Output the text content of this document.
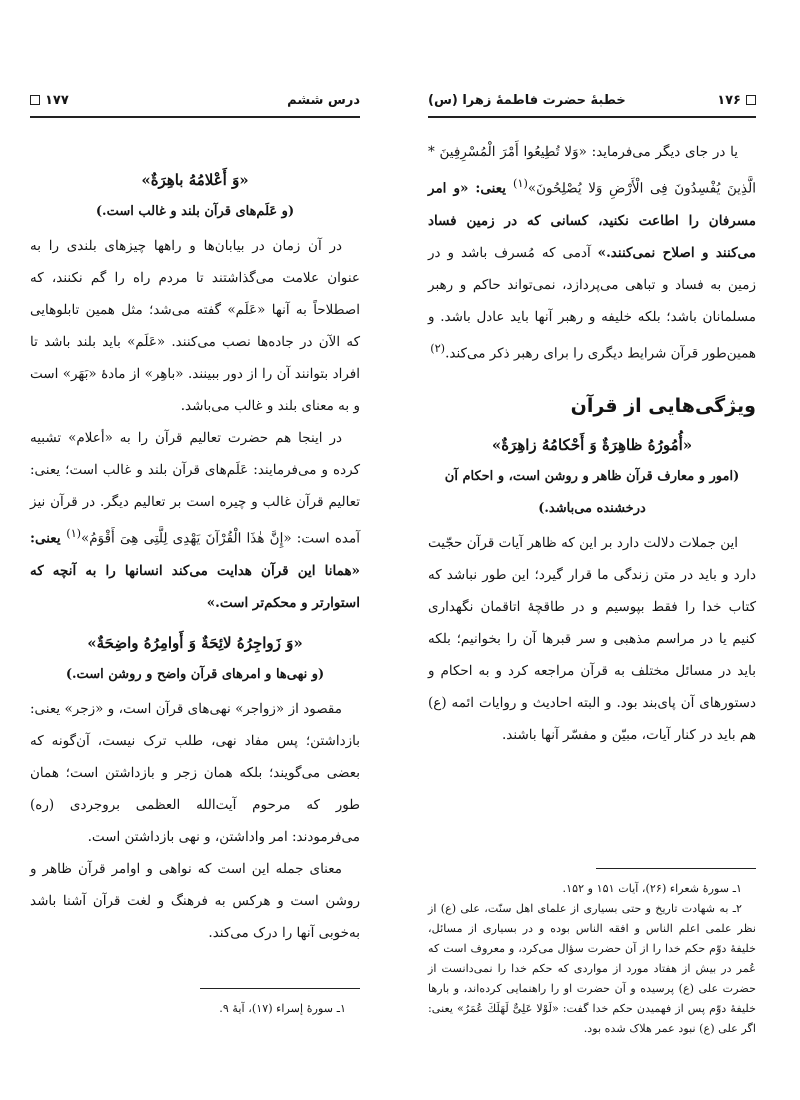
درس ششم
۱۷۷

«وَ أَعْلامُهُ باهِرَةٌ»

(و عَلَم‌های قرآن بلند و غالب است.)

در آن زمان در بیابان‌ها و راهها چیزهای بلندی را به عنوان علامت می‌گذاشتند تا مردم راه را گم نکنند، که اصطلاحاً به آنها «عَلَم» گفته می‌شد؛ مثل همین تابلوهایی که الآن در جاده‌ها نصب می‌کنند. «عَلَم» باید بلند باشد تا افراد بتوانند آن را از دور ببینند. «باهِر» از مادهٔ «بَهَر» است و به معنای بلند و غالب می‌باشد.

در اینجا هم حضرت تعالیم قرآن را به «أعلام» تشبیه کرده و می‌فرمایند: عَلَم‌های قرآن بلند و غالب است؛ یعنی: تعالیم قرآن غالب و چیره است بر تعالیم دیگر. در قرآن نیز آمده است: «إِنَّ هٰذَا الْقُرْآنَ یَهْدِی لِلَّتِی هِیَ أَقْوَمُ»$^{(۱)}$ یعنی: «همانا این قرآن هدایت می‌کند انسانها را به آنچه که استوارتر و محکم‌تر است.»

«وَ زَواجِرُهُ لائِحَةٌ وَ أَوامِرُهُ واضِحَةٌ»

(و نهی‌ها و امرهای قرآن واضح و روشن است.)

مقصود از «زواجر» نهی‌های قرآن است، و «زجر» یعنی: بازداشتن؛ پس مفاد نهی، طلب ترک نیست، آن‌گونه که بعضی می‌گویند؛ بلکه همان زجر و بازداشتن است؛ همان طور که مرحوم آیت‌الله العظمی بروجردی (ره) می‌فرمودند: امر واداشتن، و نهی بازداشتن است.

معنای جمله این است که نواهی و اوامر قرآن ظاهر و روشن است و هرکس به فرهنگ و لغت قرآن آشنا باشد به‌خوبی آنها را درک می‌کند.

۱ـ سورهٔ إسراء (۱۷)، آیهٔ ۹.

۱۷۶
خطبهٔ حضرت فاطمهٔ زهرا (س)

یا در جای دیگر می‌فرماید: «وَلا تُطِیعُوا أَمْرَ الْمُسْرِفِینَ * الَّذِینَ یُفْسِدُونَ فِی الْأَرْضِ وَلا یُصْلِحُونَ»$^{(۱)}$ یعنی: «و امر مسرفان را اطاعت نکنید، کسانی که در زمین فساد می‌کنند و اصلاح نمی‌کنند.» آدمی که مُسرف باشد و در زمین به فساد و تباهی می‌پردازد، نمی‌تواند حاکم و رهبر مسلمانان باشد؛ بلکه خلیفه و رهبر آنها باید عادل باشد. و همین‌طور قرآن شرایط دیگری را برای رهبر ذکر می‌کند.$^{(۲)}$

ویژگی‌هایی از قرآن

«أُمُورُهُ ظاهِرَةٌ وَ أَحْكامُهُ زاهِرَةٌ»

(امور و معارف قرآن ظاهر و روشن است، و احکام آن درخشنده می‌باشد.)

این جملات دلالت دارد بر این که ظاهر آیات قرآن حجّیت دارد و باید در متن زندگی ما قرار گیرد؛ این طور نباشد که کتاب خدا را فقط بپوسیم و در طاقچهٔ اتاقمان نگهداری کنیم یا در مراسم مذهبی و سر قبرها آن را بخوانیم؛ بلکه باید در مسائل مختلف به قرآن مراجعه کرد و به احکام و دستورهای آن پای‌بند بود. و البته احادیث و روایات ائمه (ع) هم باید در کنار آیات، مبیّن و مفسّر آنها باشند.

۱ـ سورهٔ شعراء (۲۶)، آیات ۱۵۱ و ۱۵۲.

۲ـ به شهادت تاریخ و حتی بسیاری از علمای اهل سنّت، علی (ع) از نظر علمی اعلم الناس و افقه الناس بوده و در بسیاری از مسائل، خلیفهٔ دوّم حکم خدا را از آن حضرت سؤال می‌کرد، و معروف است که عُمر در بیش از هفتاد مورد از مواردی که حکم خدا را نمی‌دانست از حضرت علی (ع) پرسیده و آن حضرت او را راهنمایی کرده‌اند، و بارها خلیفهٔ دوّم پس از فهمیدن حکم خدا گفت: «لَوْلا عَلِیٌّ لَهَلَكَ عُمَرُ» یعنی: اگر علی (ع) نبود عمر هلاک شده بود.
